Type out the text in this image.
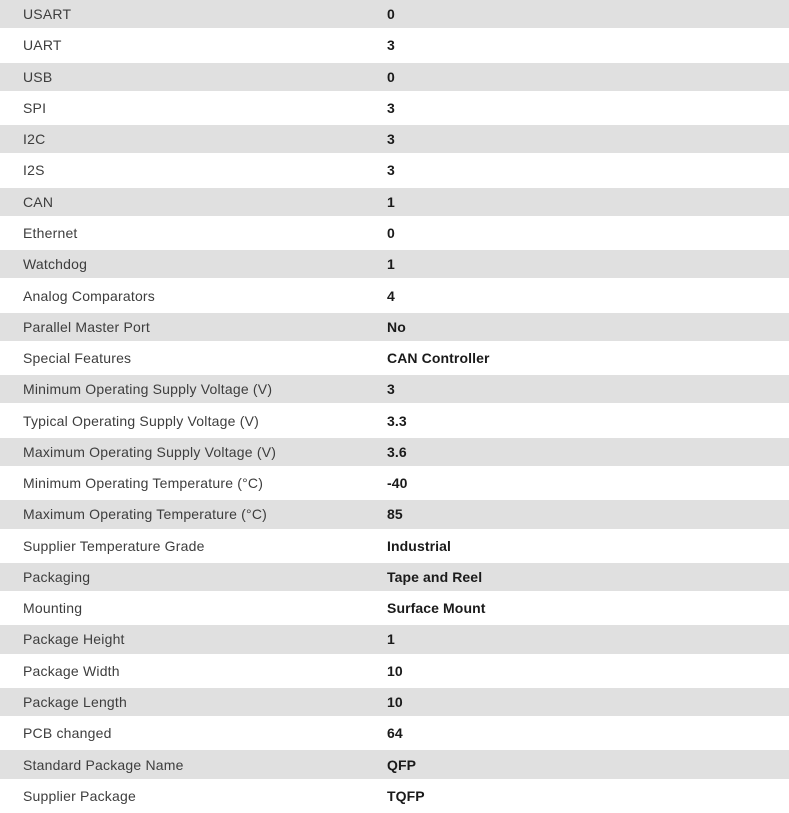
USART	0
UART	3
USB	0
SPI	3
I2C	3
I2S	3
CAN	1
Ethernet	0
Watchdog	1
Analog Comparators	4
Parallel Master Port	No
Special Features	CAN Controller
Minimum Operating Supply Voltage (V)	3
Typical Operating Supply Voltage (V)	3.3
Maximum Operating Supply Voltage (V)	3.6
Minimum Operating Temperature (°C)	-40
Maximum Operating Temperature (°C)	85
Supplier Temperature Grade	Industrial
Packaging	Tape and Reel
Mounting	Surface Mount
Package Height	1
Package Width	10
Package Length	10
PCB changed	64
Standard Package Name	QFP
Supplier Package	TQFP
